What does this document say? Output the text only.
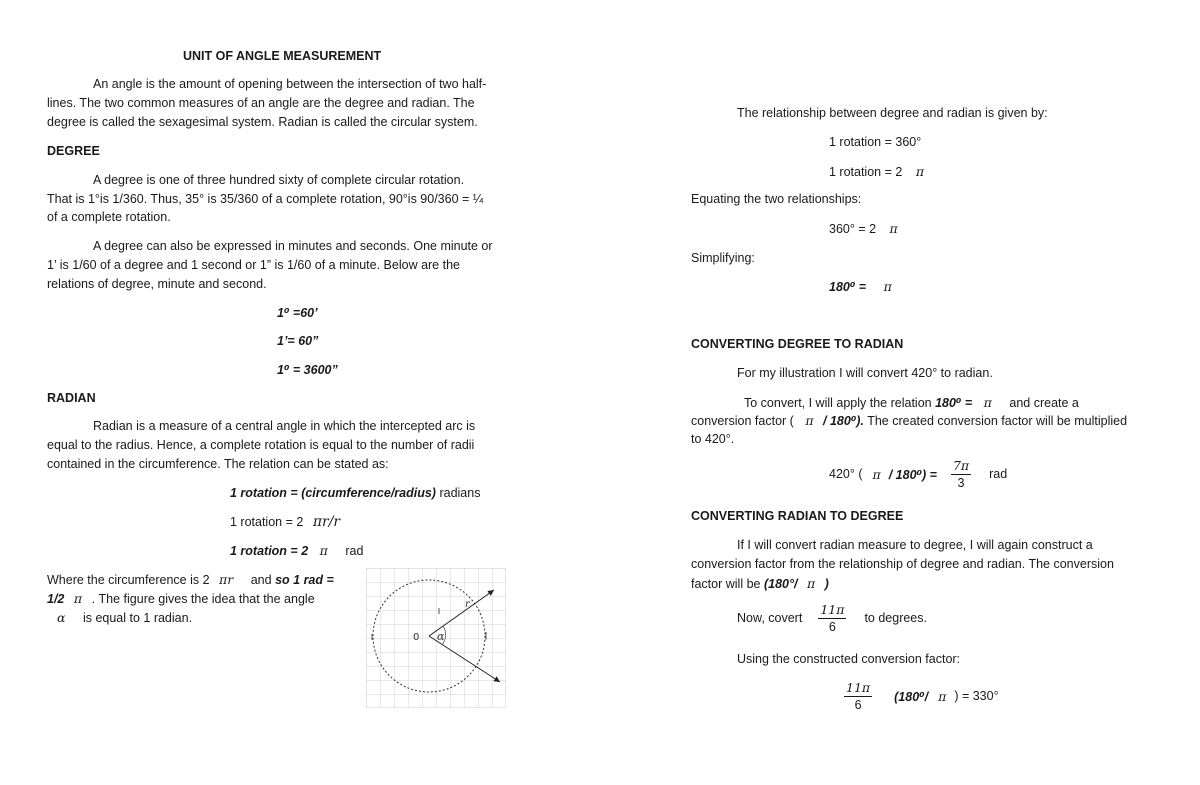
UNIT OF ANGLE MEASUREMENT
An angle is the amount of opening between the intersection of two half-
lines. The two common measures of an angle are the degree and radian. The
degree is called the sexagesimal system. Radian is called the circular system.
DEGREE
A degree is one of three hundred sixty of complete circular rotation.
That is 1°is 1/360. Thus, 35° is 35/360 of a complete rotation, 90°is 90/360 = ¼
of a complete rotation.
A degree can also be expressed in minutes and seconds. One minute or
1’ is 1/60 of a degree and 1 second or 1” is 1/60 of a minute. Below are the
relations of degree, minute and second.
1⁰ =60’
1’= 60”
1⁰ = 3600”
RADIAN
Radian is a measure of a central angle in which the intercepted arc is
equal to the radius. Hence, a complete rotation is equal to the number of radii
contained in the circumference. The relation can be stated as:
1 rotation = (circumference/radius) radians
1 rotation = 2 πr/r
1 rotation = 2 π rad
Where the circumference is 2 πr and so 1 rad =
1/2 π . The figure gives the idea that the angle
α is equal to 1 radian.
0 α
r
The relationship between degree and radian is given by:
1 rotation = 360°
1 rotation = 2 π
Equating the two relationships:
360° = 2 π
Simplifying:
180⁰ = π
CONVERTING DEGREE TO RADIAN
For my illustration I will convert 420° to radian.
To convert, I will apply the relation 180⁰ = π and create a
conversion factor ( π / 180⁰). The created conversion factor will be multiplied
to 420°.
420° ( $\pi / 180^0) = \frac{7\pi}{3}$ rad
CONVERTING RADIAN TO DEGREE
If I will convert radian measure to degree, I will again construct a
conversion factor from the relationship of degree and radian. The conversion
factor will be (180°/ π )
Now, covert $\frac{11\pi}{6}$ to degrees.
Using the constructed conversion factor:
$\frac{11\pi}{6} (180^0/$ π ) = 330°
